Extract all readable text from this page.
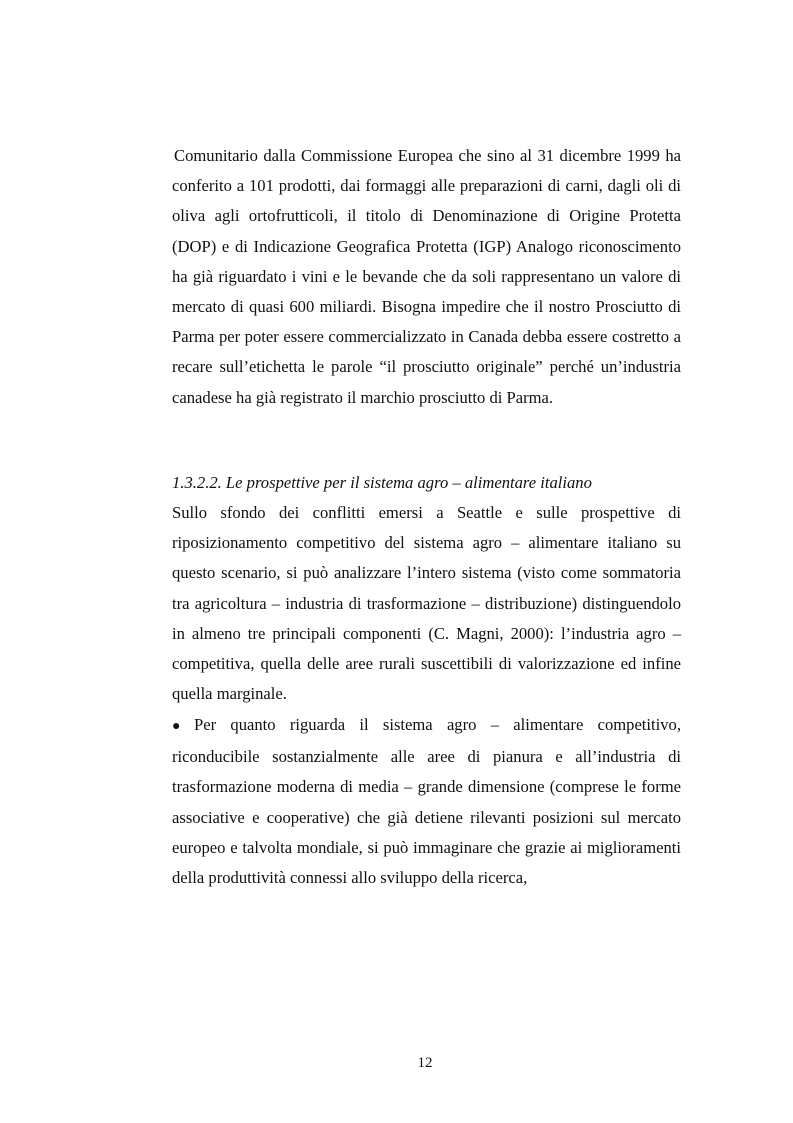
Comunitario dalla Commissione Europea che sino al 31 dicembre 1999 ha conferito a 101 prodotti, dai formaggi alle preparazioni di carni, dagli oli di oliva agli ortofrutticoli, il titolo di Denominazione di Origine Protetta (DOP) e di Indicazione Geografica Protetta (IGP) Analogo riconoscimento ha già riguardato i vini e le bevande che da soli rappresentano un valore di mercato di quasi 600 miliardi. Bisogna impedire che il nostro Prosciutto di Parma per poter essere commercializzato in Canada debba essere costretto a recare sull’etichetta le parole “il prosciutto originale” perché un’industria canadese ha già registrato il marchio prosciutto di Parma.

1.3.2.2. Le prospettive per il sistema agro – alimentare italiano

Sullo sfondo dei conflitti emersi a Seattle e sulle prospettive di riposizionamento competitivo del sistema agro – alimentare italiano su questo scenario, si può analizzare l’intero sistema (visto come sommatoria tra agricoltura – industria di trasformazione – distribuzione) distinguendolo in almeno tre principali componenti (C. Magni, 2000): l’industria agro – competitiva, quella delle aree rurali suscettibili di valorizzazione ed infine quella marginale.

● Per quanto riguarda il sistema agro – alimentare competitivo, riconducibile sostanzialmente alle aree di pianura e all’industria di trasformazione moderna di media – grande dimensione (comprese le forme associative e cooperative) che già detiene rilevanti posizioni sul mercato europeo e talvolta mondiale, si può immaginare che grazie ai miglioramenti della produttività connessi allo sviluppo della ricerca,

12
